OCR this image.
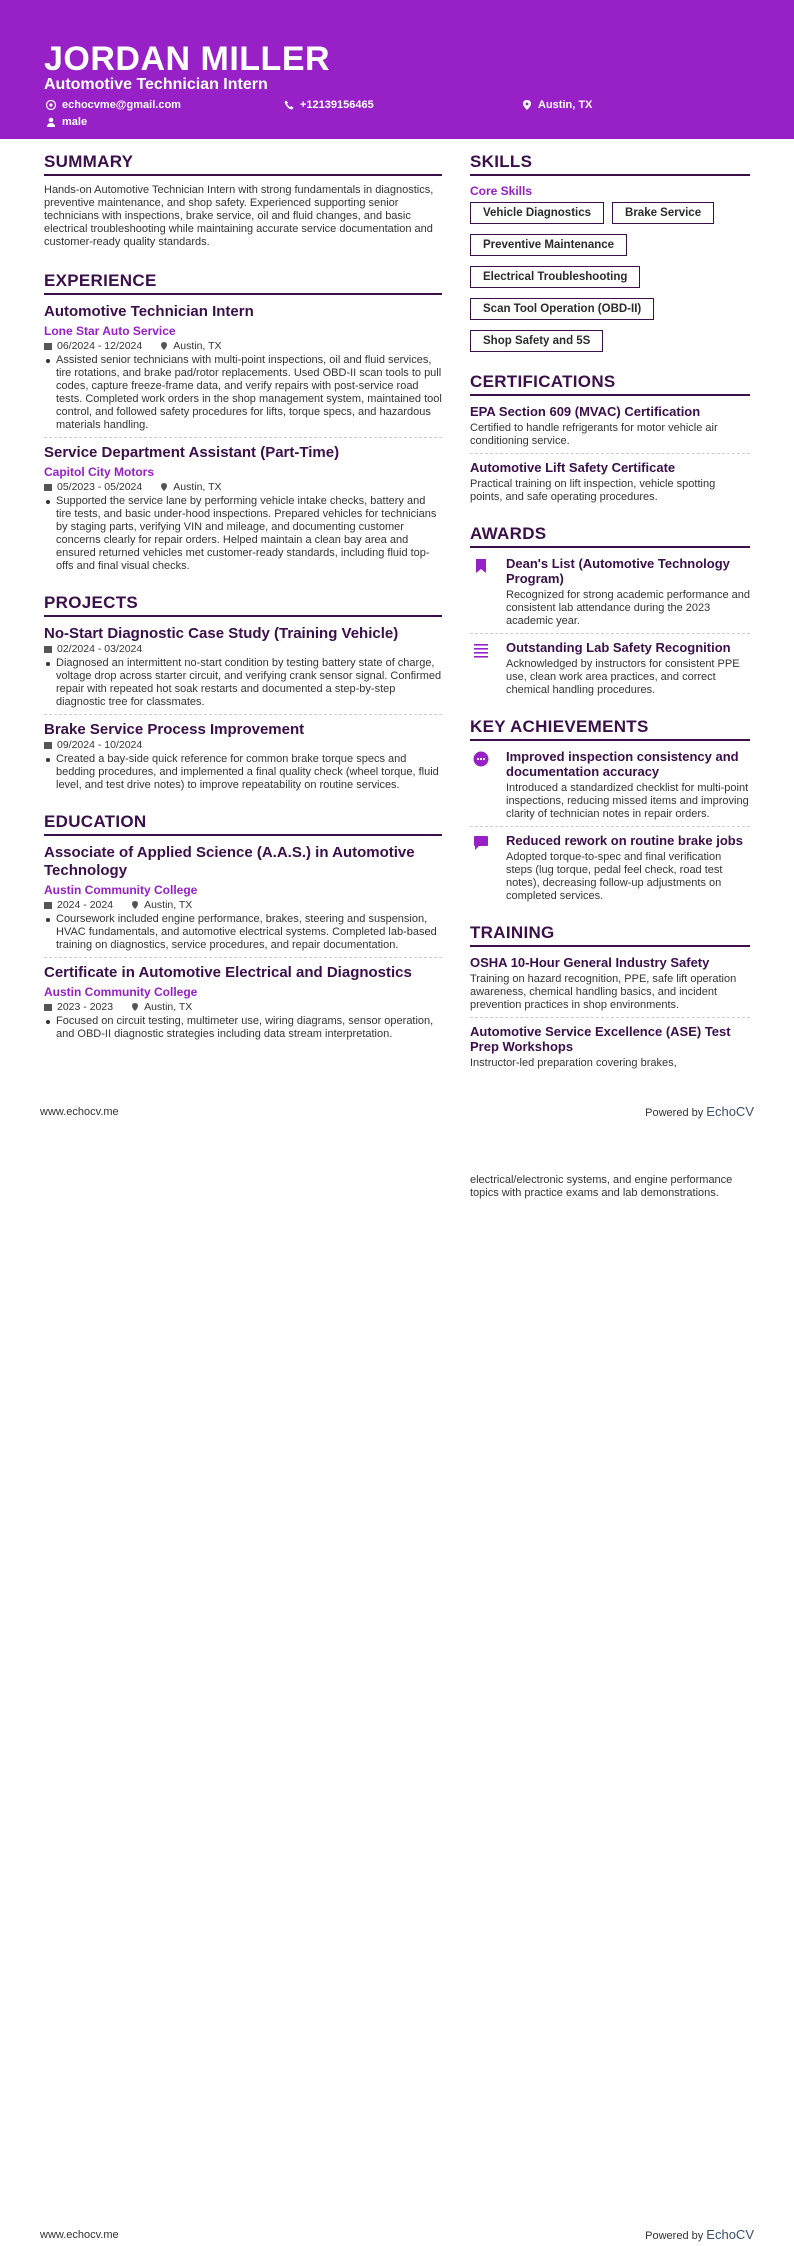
JORDAN MILLER
Automotive Technician Intern
echocvme@gmail.com	+12139156465	Austin, TX
male
SUMMARY

Hands-on Automotive Technician Intern with strong fundamentals in diagnostics, preventive maintenance, and shop safety. Experienced supporting senior technicians with inspections, brake service, oil and fluid changes, and basic electrical troubleshooting while maintaining accurate service documentation and customer-ready quality standards.

EXPERIENCE
Automotive Technician Intern
Lone Star Auto Service
06/2024 - 12/2024	Austin, TX

Assisted senior technicians with multi-point inspections, oil and fluid services, tire rotations, and brake pad/rotor replacements. Used OBD-II scan tools to pull codes, capture freeze-frame data, and verify repairs with post-service road tests. Completed work orders in the shop management system, maintained tool control, and followed safety procedures for lifts, torque specs, and hazardous materials handling.

Service Department Assistant (Part-Time)
Capitol City Motors
05/2023 - 05/2024	Austin, TX

Supported the service lane by performing vehicle intake checks, battery and tire tests, and basic under-hood inspections. Prepared vehicles for technicians by staging parts, verifying VIN and mileage, and documenting customer concerns clearly for repair orders. Helped maintain a clean bay area and ensured returned vehicles met customer-ready standards, including fluid top-offs and final visual checks.

PROJECTS
No-Start Diagnostic Case Study (Training Vehicle)
02/2024 - 03/2024

Diagnosed an intermittent no-start condition by testing battery state of charge, voltage drop across starter circuit, and verifying crank sensor signal. Confirmed repair with repeated hot soak restarts and documented a step-by-step diagnostic tree for classmates.

Brake Service Process Improvement
09/2024 - 10/2024

Created a bay-side quick reference for common brake torque specs and bedding procedures, and implemented a final quality check (wheel torque, fluid level, and test drive notes) to improve repeatability on routine services.

EDUCATION
Associate of Applied Science (A.A.S.) in Automotive Technology
Austin Community College
2024 - 2024	Austin, TX

Coursework included engine performance, brakes, steering and suspension, HVAC fundamentals, and automotive electrical systems. Completed lab-based training on diagnostics, service procedures, and repair documentation.

Certificate in Automotive Electrical and Diagnostics
Austin Community College
2023 - 2023	Austin, TX

Focused on circuit testing, multimeter use, wiring diagrams, sensor operation, and OBD-II diagnostic strategies including data stream interpretation.

SKILLS
Core Skills
Vehicle Diagnostics	Brake Service
Preventive Maintenance
Electrical Troubleshooting
Scan Tool Operation (OBD-II)
Shop Safety and 5S
CERTIFICATIONS
EPA Section 609 (MVAC) Certification

Certified to handle refrigerants for motor vehicle air conditioning service.

Automotive Lift Safety Certificate

Practical training on lift inspection, vehicle spotting points, and safe operating procedures.

AWARDS
Dean's List (Automotive Technology Program)

Recognized for strong academic performance and consistent lab attendance during the 2023 academic year.

Outstanding Lab Safety Recognition

Acknowledged by instructors for consistent PPE use, clean work area practices, and correct chemical handling procedures.

KEY ACHIEVEMENTS
Improved inspection consistency and documentation accuracy

Introduced a standardized checklist for multi-point inspections, reducing missed items and improving clarity of technician notes in repair orders.

Reduced rework on routine brake jobs

Adopted torque-to-spec and final verification steps (lug torque, pedal feel check, road test notes), decreasing follow-up adjustments on completed services.

TRAINING
OSHA 10-Hour General Industry Safety

Training on hazard recognition, PPE, safe lift operation awareness, chemical handling basics, and incident prevention practices in shop environments.

Automotive Service Excellence (ASE) Test Prep Workshops

Instructor-led preparation covering brakes,

www.echocv.me	Powered by EchoCV

electrical/electronic systems, and engine performance topics with practice exams and lab demonstrations.

www.echocv.me	Powered by EchoCV
